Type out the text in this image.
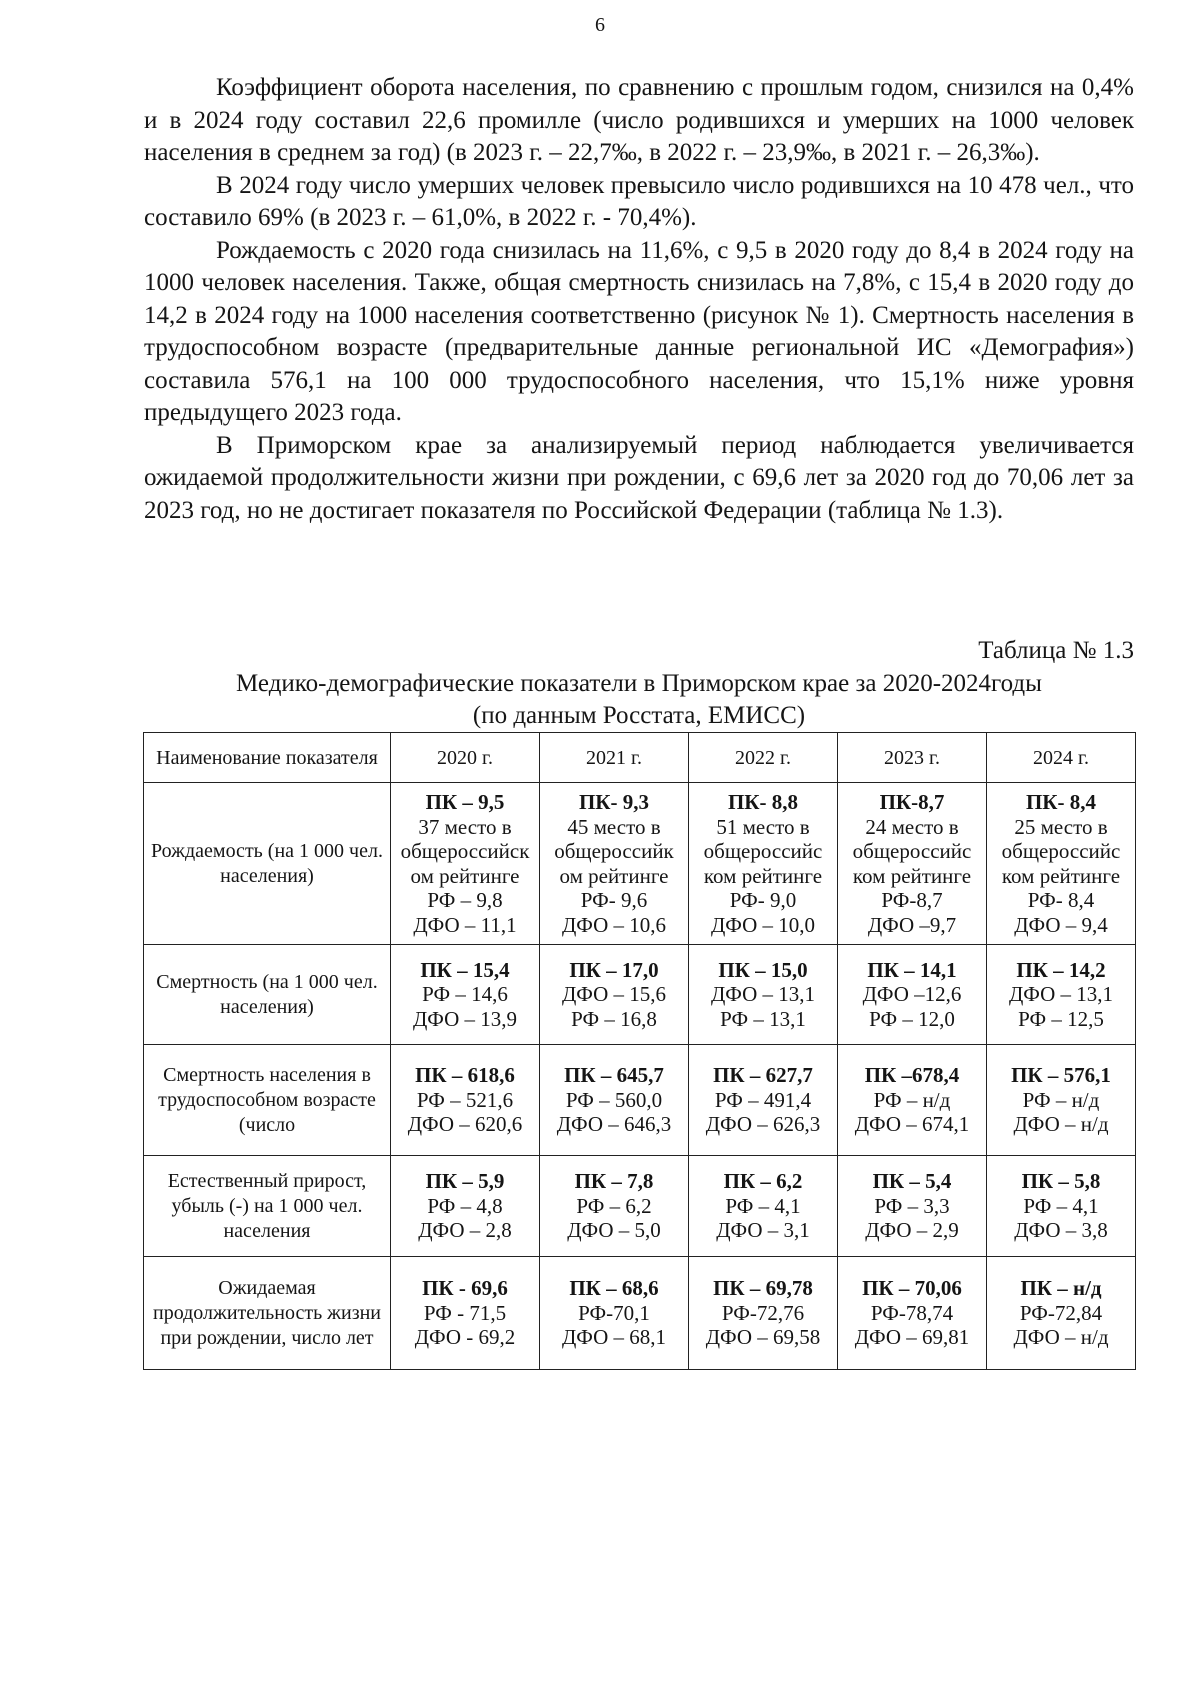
6

Коэффициент оборота населения, по сравнению с прошлым годом, снизился на 0,4% и в 2024 году составил 22,6 промилле (число родившихся и умерших на 1000 человек населения в среднем за год) (в 2023 г. – 22,7‰, в 2022 г. – 23,9‰, в 2021 г. – 26,3‰).

В 2024 году число умерших человек превысило число родившихся на 10 478 чел., что составило 69% (в 2023 г. – 61,0%, в 2022 г. - 70,4%).

Рождаемость с 2020 года снизилась на 11,6%, с 9,5 в 2020 году до 8,4 в 2024 году на 1000 человек населения. Также, общая смертность снизилась на 7,8%, с 15,4 в 2020 году до 14,2 в 2024 году на 1000 населения соответственно (рисунок № 1). Смертность населения в трудоспособном возрасте (предварительные данные региональной ИС «Демография») составила 576,1 на 100 000 трудоспособного населения, что 15,1% ниже уровня предыдущего 2023 года.

В Приморском крае за анализируемый период наблюдается увеличивается ожидаемой продолжительности жизни при рождении, с 69,6 лет за 2020 год до 70,06 лет за 2023 год, но не достигает показателя по Российской Федерации (таблица № 1.3).

Таблица № 1.3
Медико-демографические показатели в Приморском крае за 2020-2024годы
(по данным Росстата, ЕМИСС)
Наименование показателя	2020 г.	2021 г.	2022 г.	2023 г.	2024 г.
Рождаемость (на 1 000 чел. населения)	ПК – 9,5
37 место в общероссийск ом рейтинге
РФ – 9,8
ДФО – 11,1	ПК- 9,3
45 место в общероссийк ом рейтинге
РФ- 9,6
ДФО – 10,6	ПК- 8,8
51 место в общероссийс ком рейтинге
РФ- 9,0
ДФО – 10,0	ПК-8,7
24 место в общероссийс ком рейтинге
РФ-8,7
ДФО –9,7	ПК- 8,4
25 место в общероссийс ком рейтинге
РФ- 8,4
ДФО – 9,4

Смертность (на 1 000 чел. населения)	ПК – 15,4
РФ – 14,6
ДФО – 13,9	ПК – 17,0
ДФО – 15,6
РФ – 16,8	ПК – 15,0
ДФО – 13,1
РФ – 13,1	ПК – 14,1
ДФО –12,6
РФ – 12,0	ПК – 14,2
ДФО – 13,1
РФ – 12,5

Смертность населения в трудоспособном возрасте (число	ПК – 618,6
РФ – 521,6
ДФО – 620,6	ПК – 645,7
РФ – 560,0
ДФО – 646,3	ПК – 627,7
РФ – 491,4
ДФО – 626,3	ПК –678,4
РФ – н/д
ДФО – 674,1	ПК – 576,1
РФ – н/д
ДФО – н/д

Естественный прирост, убыль (-) на 1 000 чел. населения	ПК – 5,9
РФ – 4,8
ДФО – 2,8	ПК – 7,8
РФ – 6,2
ДФО – 5,0	ПК – 6,2
РФ – 4,1
ДФО – 3,1	ПК – 5,4
РФ – 3,3
ДФО – 2,9	ПК – 5,8
РФ – 4,1
ДФО – 3,8

Ожидаемая продолжительность жизни при рождении, число лет	ПК - 69,6
РФ - 71,5
ДФО - 69,2	ПК – 68,6
РФ-70,1
ДФО – 68,1	ПК – 69,78
РФ-72,76
ДФО – 69,58	ПК – 70,06
РФ-78,74
ДФО – 69,81	ПК – н/д
РФ-72,84
ДФО – н/д
